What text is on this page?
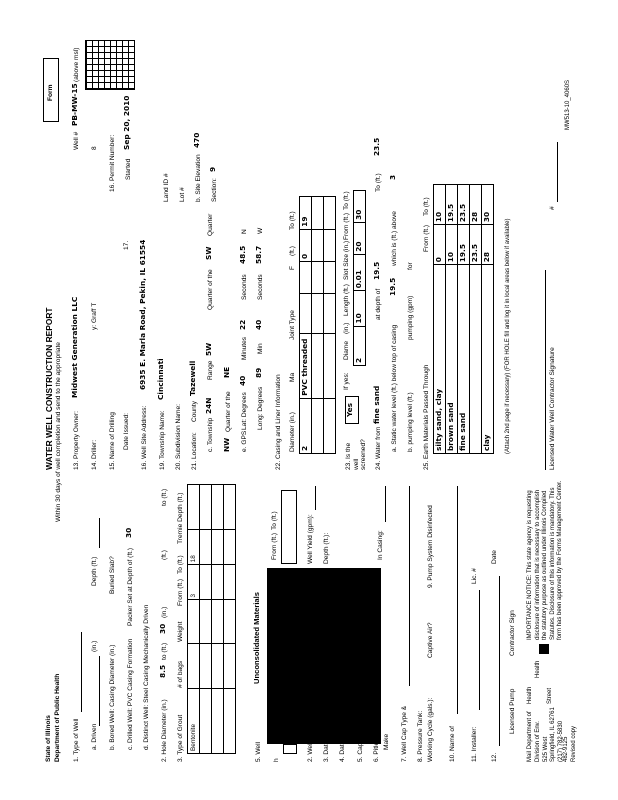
State of Illinois Department of Public Health
WATER WELL CONSTRUCTION REPORT Within 30 days of well completion and send to the appropriate
Form
1. Type of Well a. Driven
(in.)
Depth (ft.)
b. Bored Well: Casing Diameter (in.)
Buried Slab?
c. Drilled Well: PVC Casing Formation
Packer Set at Depth of (ft.)
30
d. Distinct Well: Steel Casing Mechanically Driven 2. Hole Diameter (in.)
8.5
to (ft.)
30
(in.)
(ft.)
to (ft.)
3. Type of Grout
# of bags
Weight
From (ft.)
To (ft.)
Tremie Depth (ft.)
Bentonite			3	18	

5. Well
Unconsolidated Materials
h
From (ft.)
To (ft.)
2. Well Use:
Well Yield (gpm):
3. Date Well
Depth (ft.):
4. Date Primed 5. Capacity 6. Pitless Ad
Model
Make
In Casing:
7. Well Cap Type & 8. Pressure Tank: Working Cycle (gals.):
Captive Air?
9. Pump System Disinfected
10. Name of 11. Installer:
Lic. #
12.
Date
Licensed Pump
Contractor Sign
Mail Department of Division of Env. 525 West Springfield, IL 62761 (217) 782-5830
Health Street
Health
482-9125 Revised copy
IMPORTANCE NOTICE: This state agency is requesting disclosure of information that is necessary to accomplish the statutory purpose as outlined under Illinois Compiled Statutes. Disclosure of this information is mandatory. This form has been approved by the Forms Management Center.
13. Property Owner:
Midwest Generation LLC
Well #
PB-MW-15
14. Driller:
y: Graff T
8
15. Name of Drilling
16. Permit Number:
Date Issued:
17.
Started
Sep 20, 2010
16. Well Site Address:
6935 E. Marla Road, Pekin, IL 61554
19. Township Name:
Cincinnati
Land ID #
20. Subdivision Name:
Lot #
21. Location:
County
Tazewell
b. Site Elevation
470
(above msl)
Section:
9
c. Township
24N
Range
5W
Quarter of the
SW
Quarter
NW
Quarter of the
NE
e. GPS
Lat: Degrees
40
Minutes
22
Seconds
48.5
N
Long: Degrees
89
Min
40
Seconds
58.7
W
22. Casing and Liner Information Diameter (in.)
Ma
Joint Type
F
(ft.)
To (ft.)
2	PVC threaded			0	19

23. Is the well screened?
Yes
If yes:
Diame
(in.)
Length (ft.)
Slot Size (in.)
From (ft.)
To (ft.)
2	10	0.01	20	30
24. Water from
fine sand
at depth of
19.5
To (ft.)
23.5
a. Static water level (ft.) below top of casing
19.5
which is (ft.) above
3
b. pumping level (ft.)
pumping (gpm)
for
25. Earth Materials Passed Through
From (ft.)
To (ft.)
silty sand, clay	0	10
brown sand	10	19.5
fine sand	19.5	23.5
	23.5	28
clay	28	30
(Attach 2nd page if necessary) (FOR HOLE fill and log it in local areas below if available)	Licensed Water Well Contractor Signature
#
MW513-10_4060S
